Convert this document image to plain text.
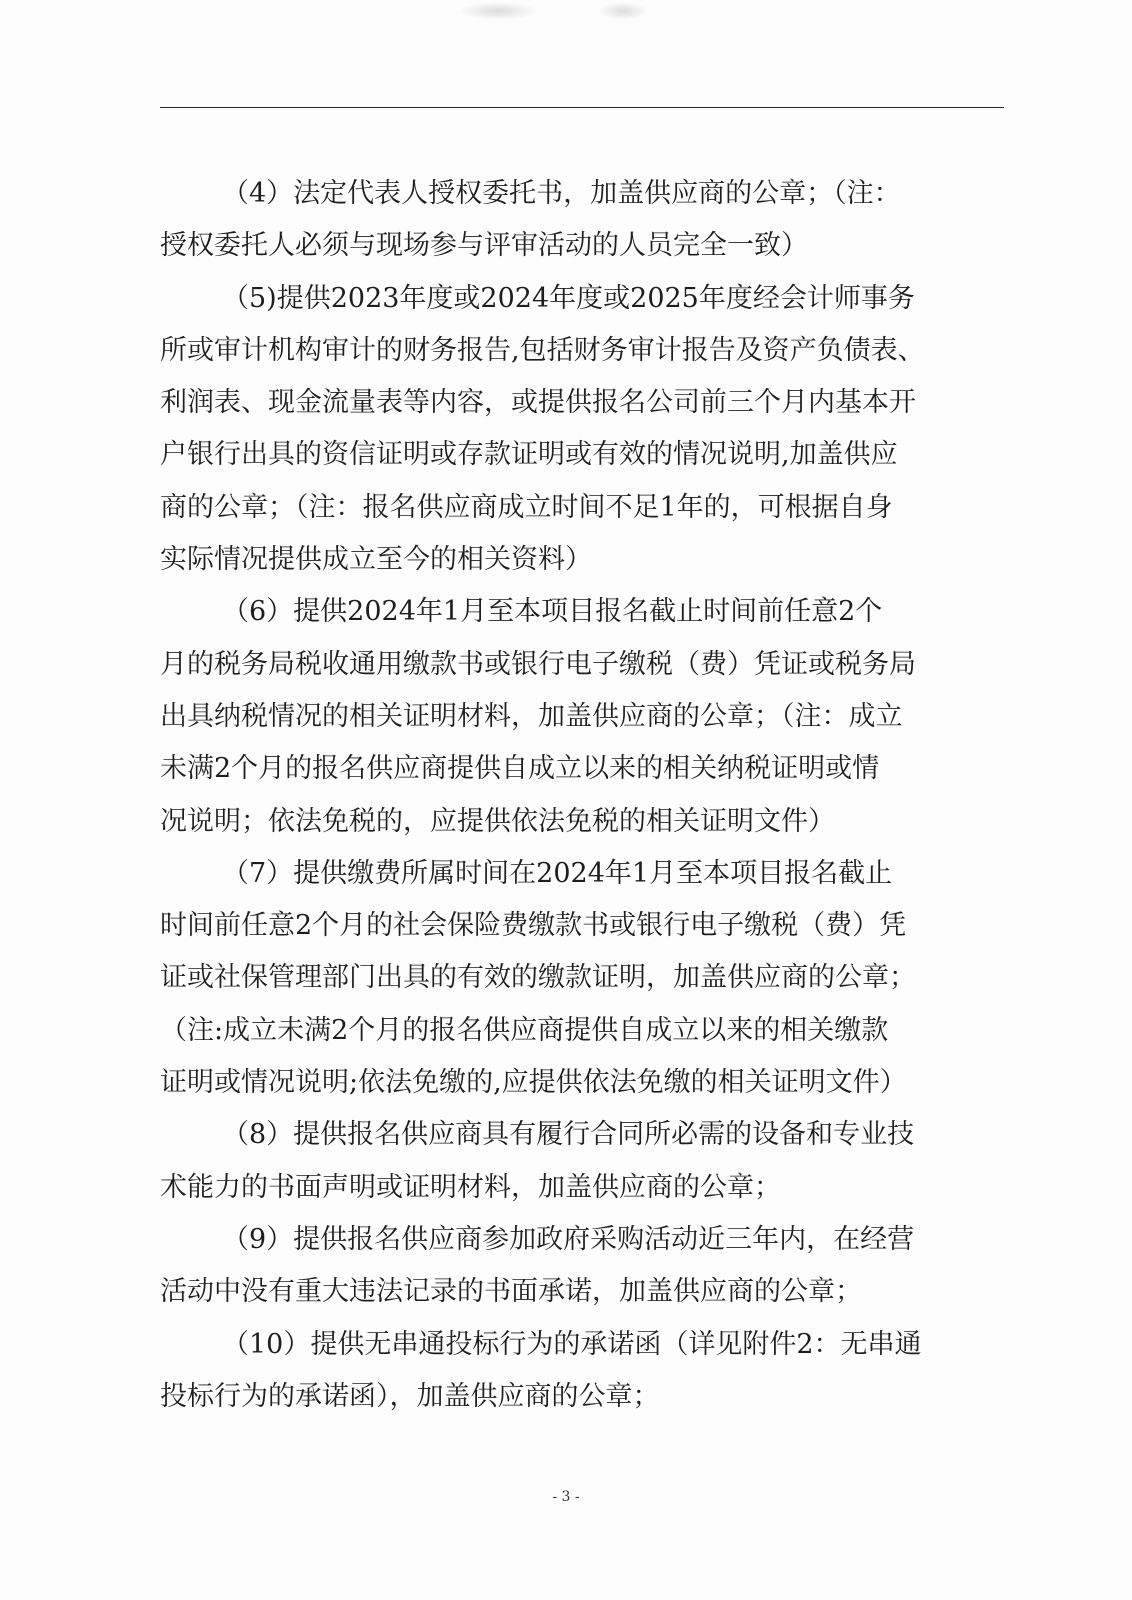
（4）法定代表人授权委托书，加盖供应商的公章；（注：
授权委托人必须与现场参与评审活动的人员完全一致）
（5)提供2023年度或2024年度或2025年度经会计师事务
所或审计机构审计的财务报告,包括财务审计报告及资产负债表、
利润表、现金流量表等内容，或提供报名公司前三个月内基本开
户银行出具的资信证明或存款证明或有效的情况说明,加盖供应
商的公章；（注：报名供应商成立时间不足1年的，可根据自身
实际情况提供成立至今的相关资料）
（6）提供2024年1月至本项目报名截止时间前任意2个
月的税务局税收通用缴款书或银行电子缴税（费）凭证或税务局
出具纳税情况的相关证明材料，加盖供应商的公章；（注：成立
未满2个月的报名供应商提供自成立以来的相关纳税证明或情
况说明；依法免税的，应提供依法免税的相关证明文件）
（7）提供缴费所属时间在2024年1月至本项目报名截止
时间前任意2个月的社会保险费缴款书或银行电子缴税（费）凭
证或社保管理部门出具的有效的缴款证明，加盖供应商的公章；
（注:成立未满2个月的报名供应商提供自成立以来的相关缴款
证明或情况说明;依法免缴的,应提供依法免缴的相关证明文件）
（8）提供报名供应商具有履行合同所必需的设备和专业技
术能力的书面声明或证明材料，加盖供应商的公章；
（9）提供报名供应商参加政府采购活动近三年内，在经营
活动中没有重大违法记录的书面承诺，加盖供应商的公章；
（10）提供无串通投标行为的承诺函（详见附件2：无串通
投标行为的承诺函），加盖供应商的公章；
- 3 -
